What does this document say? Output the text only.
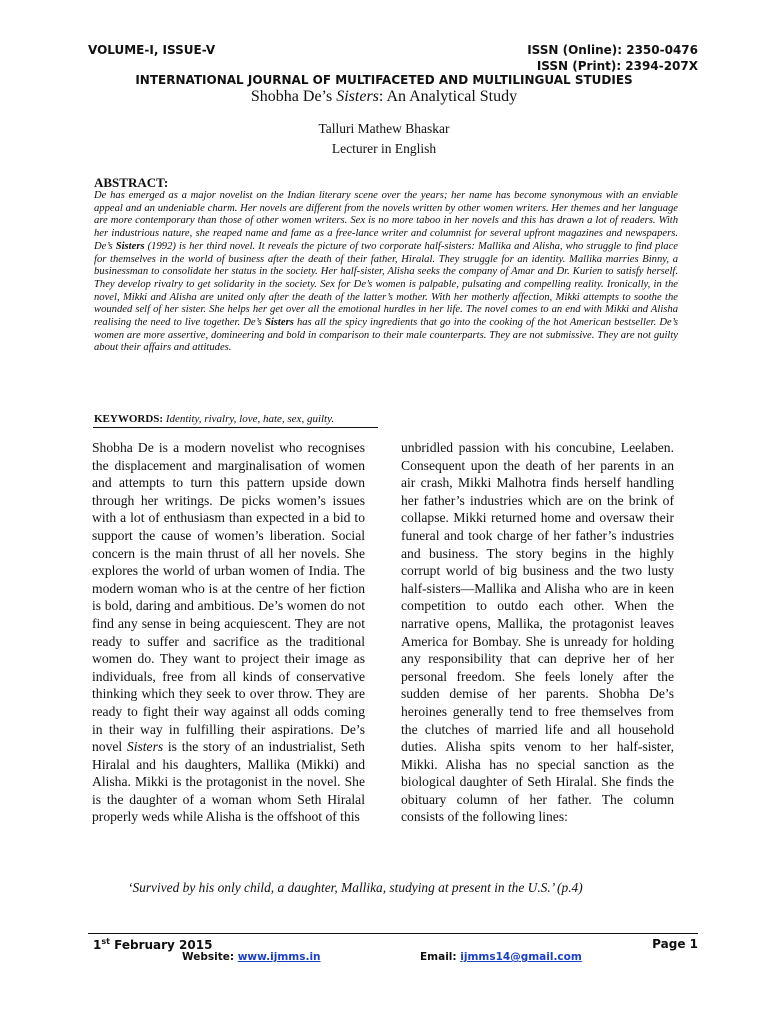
VOLUME-I, ISSUE-V	ISSN (Online): 2350-0476
ISSN (Print): 2394-207X
INTERNATIONAL JOURNAL OF MULTIFACETED AND MULTILINGUAL STUDIES
Shobha De’s Sisters: An Analytical Study
Talluri Mathew Bhaskar
Lecturer in English
ABSTRACT:
De has emerged as a major novelist on the Indian literary scene over the years; her name has become synonymous with an enviable appeal and an undeniable charm. Her novels are different from the novels written by other women writers. Her themes and her language are more contemporary than those of other women writers. Sex is no more taboo in her novels and this has drawn a lot of readers. With her industrious nature, she reaped name and fame as a free-lance writer and columnist for several upfront magazines and newspapers. De’s Sisters (1992) is her third novel. It reveals the picture of two corporate half-sisters: Mallika and Alisha, who struggle to find place for themselves in the world of business after the death of their father, Hiralal. They struggle for an identity. Mallika marries Binny, a businessman to consolidate her status in the society. Her half-sister, Alisha seeks the company of Amar and Dr. Kurien to satisfy herself. They develop rivalry to get solidarity in the society. Sex for De’s women is palpable, pulsating and compelling reality. Ironically, in the novel, Mikki and Alisha are united only after the death of the latter’s mother. With her motherly affection, Mikki attempts to soothe the wounded self of her sister. She helps her get over all the emotional hurdles in her life. The novel comes to an end with Mikki and Alisha realising the need to live together. De’s Sisters has all the spicy ingredients that go into the cooking of the hot American bestseller. De’s women are more assertive, domineering and bold in comparison to their male counterparts. They are not submissive. They are not guilty about their affairs and attitudes.
KEYWORDS: Identity, rivalry, love, hate, sex, guilty.
Shobha De is a modern novelist who recognises the displacement and marginalisation of women and attempts to turn this pattern upside down through her writings. De picks women’s issues with a lot of enthusiasm than expected in a bid to support the cause of women’s liberation. Social concern is the main thrust of all her novels. She explores the world of urban women of India. The modern woman who is at the centre of her fiction is bold, daring and ambitious. De’s women do not find any sense in being acquiescent. They are not ready to suffer and sacrifice as the traditional women do. They want to project their image as individuals, free from all kinds of conservative thinking which they seek to over throw. They are ready to fight their way against all odds coming in their way in fulfilling their aspirations. De’s novel Sisters is the story of an industrialist, Seth Hiralal and his daughters, Mallika (Mikki) and Alisha. Mikki is the protagonist in the novel. She is the daughter of a woman whom Seth Hiralal properly weds while Alisha is the offshoot of this
unbridled passion with his concubine, Leelaben. Consequent upon the death of her parents in an air crash, Mikki Malhotra finds herself handling her father’s industries which are on the brink of collapse. Mikki returned home and oversaw their funeral and took charge of her father’s industries and business. The story begins in the highly corrupt world of big business and the two lusty half-sisters—Mallika and Alisha who are in keen competition to outdo each other. When the narrative opens, Mallika, the protagonist leaves America for Bombay. She is unready for holding any responsibility that can deprive her of her personal freedom. She feels lonely after the sudden demise of her parents. Shobha De’s heroines generally tend to free themselves from the clutches of married life and all household duties. Alisha spits venom to her half-sister, Mikki. Alisha has no special sanction as the biological daughter of Seth Hiralal. She finds the obituary column of her father. The column consists of the following lines:
‘Survived by his only child, a daughter, Mallika, studying at present in the U.S.’ (p.4)
1st February 2015	Page 1
Website: www.ijmms.in	Email: ijmms14@gmail.com
